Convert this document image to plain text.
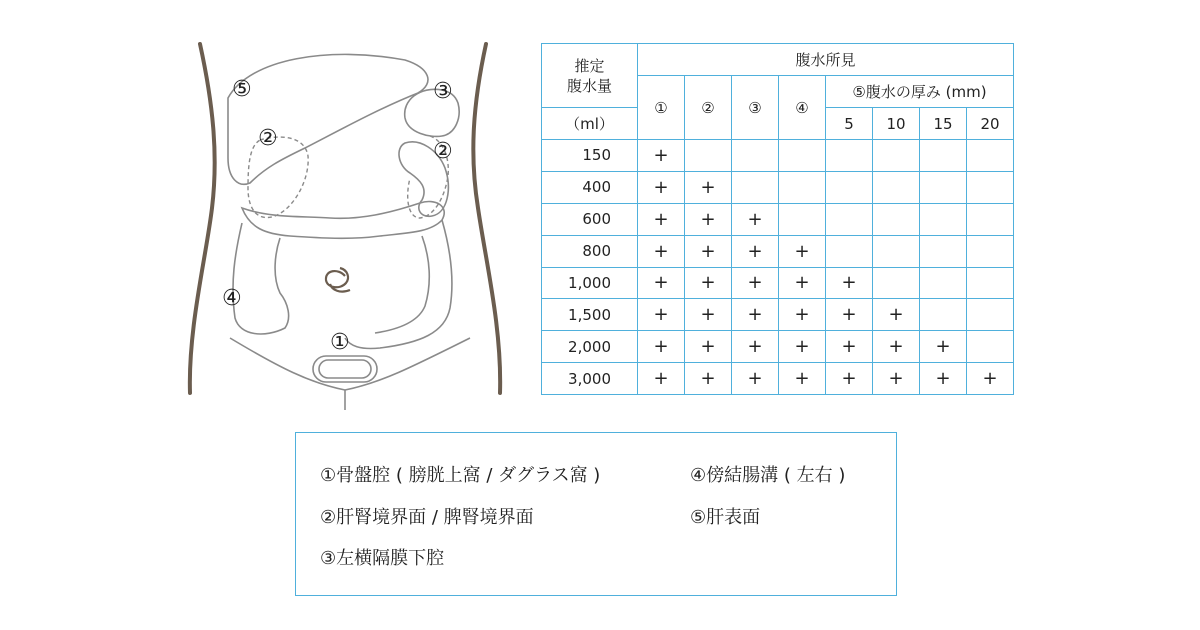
⑤
②
③
②
④
①
推定
腹水量	腹水所見							
	①	②	③	④	⑤腹水の厚み (mm)			
（ml）					5	10	15	20
150	+							
400	+	+						
600	+	+	+					
800	+	+	+	+				
1,000	+	+	+	+	+			
1,500	+	+	+	+	+	+		
2,000	+	+	+	+	+	+	+	
3,000	+	+	+	+	+	+	+	+
①骨盤腔 ( 膀胱上窩 / ダグラス窩 )
②肝腎境界面 / 脾腎境界面
③左横隔膜下腔
④傍結腸溝 ( 左右 )
⑤肝表面
